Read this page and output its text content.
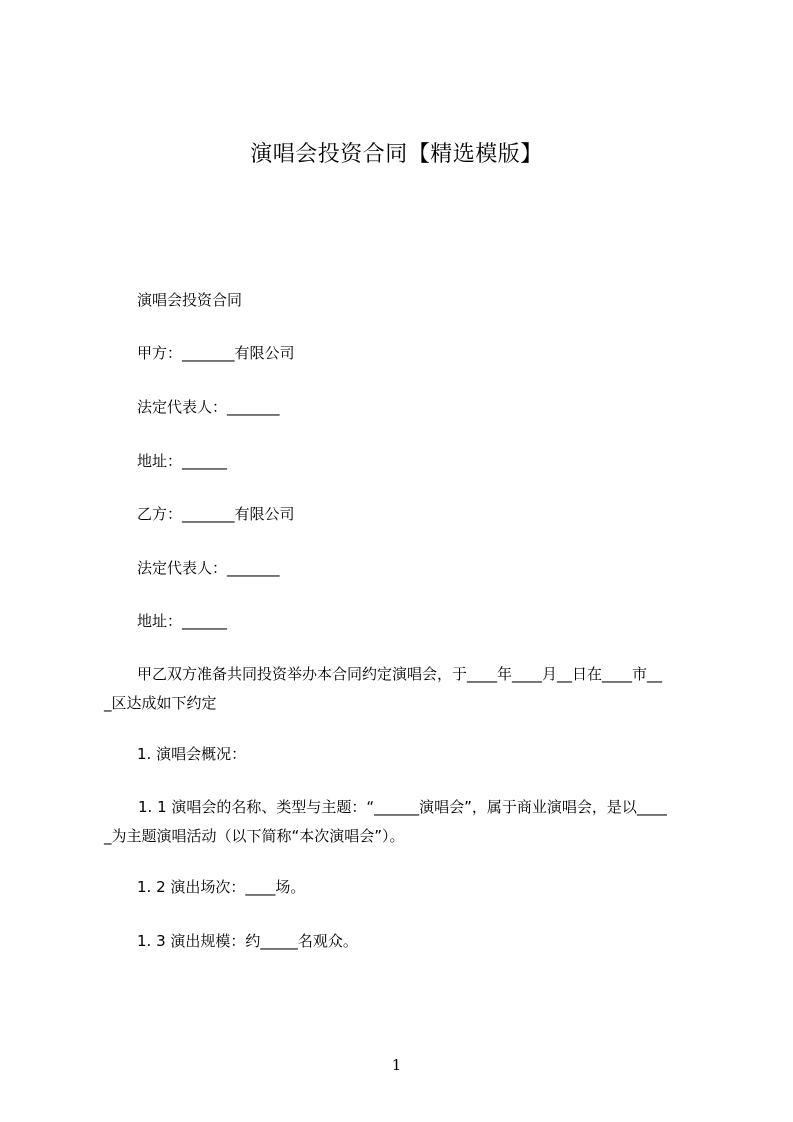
演唱会投资合同【精选模版】
演唱会投资合同
甲方：_______有限公司
法定代表人：_______
地址：______
乙方：_______有限公司
法定代表人：_______
地址：______
甲乙双方准备共同投资举办本合同约定演唱会，于____年____月__日在____市__
_区达成如下约定
1. 演唱会概况：
1. 1 演唱会的名称、类型与主题：“______演唱会”，属于商业演唱会，是以____
_为主题演唱活动（以下简称“本次演唱会”）。
1. 2 演出场次：____场。
1. 3 演出规模：约_____名观众。
1
